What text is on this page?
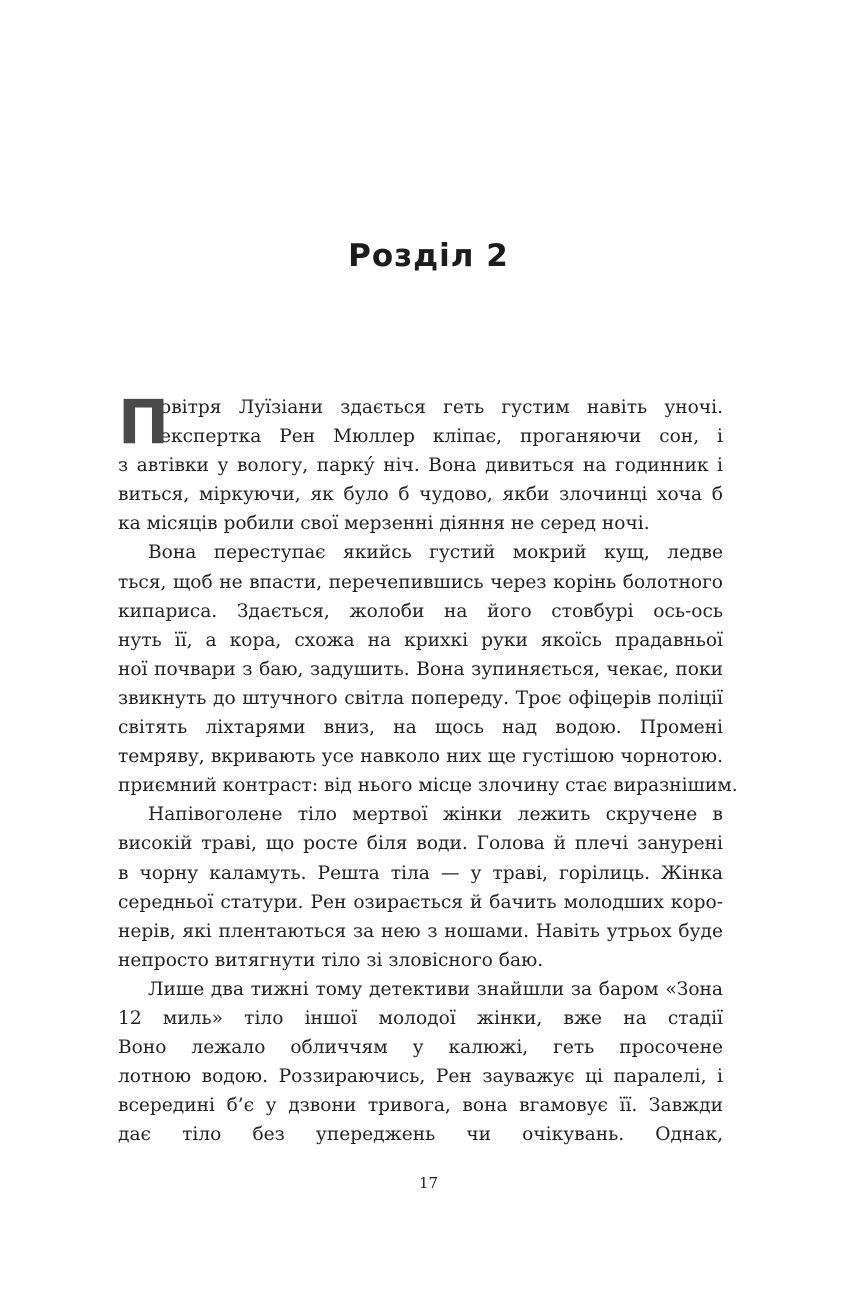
Розділ 2
П
овітря Луїзіани здається геть густим навіть уночі.
експертка Рен Мюллер кліпає, проганяючи сон, і
з автівки у вологу, парку́ ніч. Вона дивиться на годинник і
виться, міркуючи, як було б чудово, якби злочинці хоча б
ка місяців робили свої мерзенні діяння не серед ночі.
Вона переступає якийсь густий мокрий кущ, ледве
ться, щоб не впасти, перечепившись через корінь болотного
кипариса. Здається, жолоби на його стовбурі ось-ось
нуть її, а кора, схожа на крихкі руки якоїсь прадавньої
ної почвари з баю, задушить. Вона зупиняється, чекає, поки
звикнуть до штучного світла попереду. Троє офіцерів поліції
світять ліхтарями вниз, на щось над водою. Промені
темряву, вкривають усе навколо них ще густішою чорнотою.
приємний контраст: від нього місце злочину стає виразнішим.
Напівоголене тіло мертвої жінки лежить скручене в
високій траві, що росте біля води. Голова й плечі занурені
в чорну каламуть. Решта тіла — у траві, горілиць. Жінка
середньої статури. Рен озирається й бачить молодших коро-
нерів, які плентаються за нею з ношами. Навіть утрьох буде
непросто витягнути тіло зі зловісного баю.
Лише два тижні тому детективи знайшли за баром «Зона
12 миль» тіло іншої молодої жінки, вже на стадії
Воно лежало обличчям у калюжі, геть просочене
лотною водою. Роззираючись, Рен зауважує ці паралелі, і
всередині б’є у дзвони тривога, вона вгамовує її. Завжди
дає тіло без упереджень чи очікувань. Однак,
17
